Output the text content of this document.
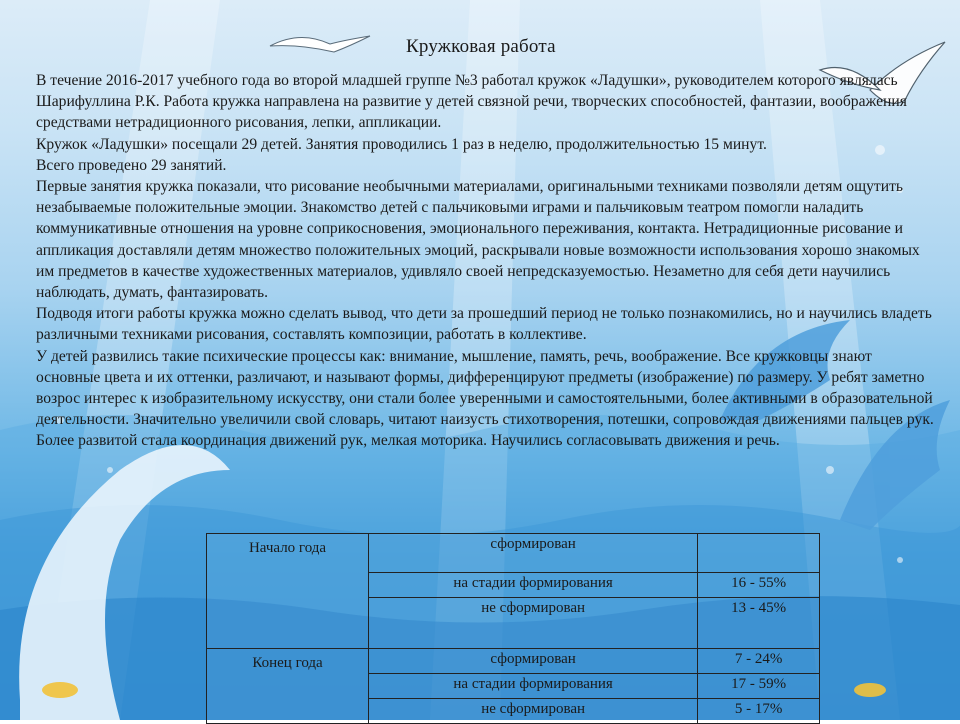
Кружковая работа

В течение 2016-2017 учебного года во второй младшей группе №3 работал кружок «Ладушки», руководителем которого являлась Шарифуллина Р.К. Работа кружка направлена на развитие у детей связной речи, творческих способностей, фантазии, воображения средствами нетрадиционного рисования, лепки, аппликации.

Кружок «Ладушки» посещали 29 детей. Занятия проводились 1 раз в неделю, продолжительностью 15 минут.

Всего проведено 29 занятий.

Первые занятия кружка показали, что рисование необычными материалами, оригинальными техниками позволяли детям ощутить незабываемые положительные эмоции. Знакомство детей с пальчиковыми играми и пальчиковым театром помогли наладить коммуникативные отношения на уровне соприкосновения, эмоционального переживания, контакта. Нетрадиционные рисование и аппликация доставляли детям множество положительных эмоций, раскрывали новые возможности использования хорошо знакомых им предметов в качестве художественных материалов, удивляло своей непредсказуемостью. Незаметно для себя дети научились наблюдать, думать, фантазировать.

Подводя итоги работы кружка можно сделать вывод, что дети за прошедший период не только познакомились, но и научились владеть различными техниками рисования, составлять композиции, работать в коллективе.

У детей развились такие психические процессы как: внимание, мышление, память, речь, воображение. Все кружковцы знают основные цвета и их оттенки, различают, и называют формы, дифференцируют предметы (изображение) по размеру. У ребят заметно возрос интерес к изобразительному искусству, они стали более уверенными и самостоятельными, более активными в образовательной деятельности. Значительно увеличили свой словарь, читают наизусть стихотворения, потешки, сопровождая движениями пальцев рук. Более развитой стала координация движений рук, мелкая моторика. Научились согласовывать движения и речь.

Начало года	сформирован	
	на стадии формирования	16 - 55%
	не сформирован	13 - 45%
Конец года	сформирован	7 - 24%
	на стадии формирования	17 - 59%
	не сформирован	5 - 17%
